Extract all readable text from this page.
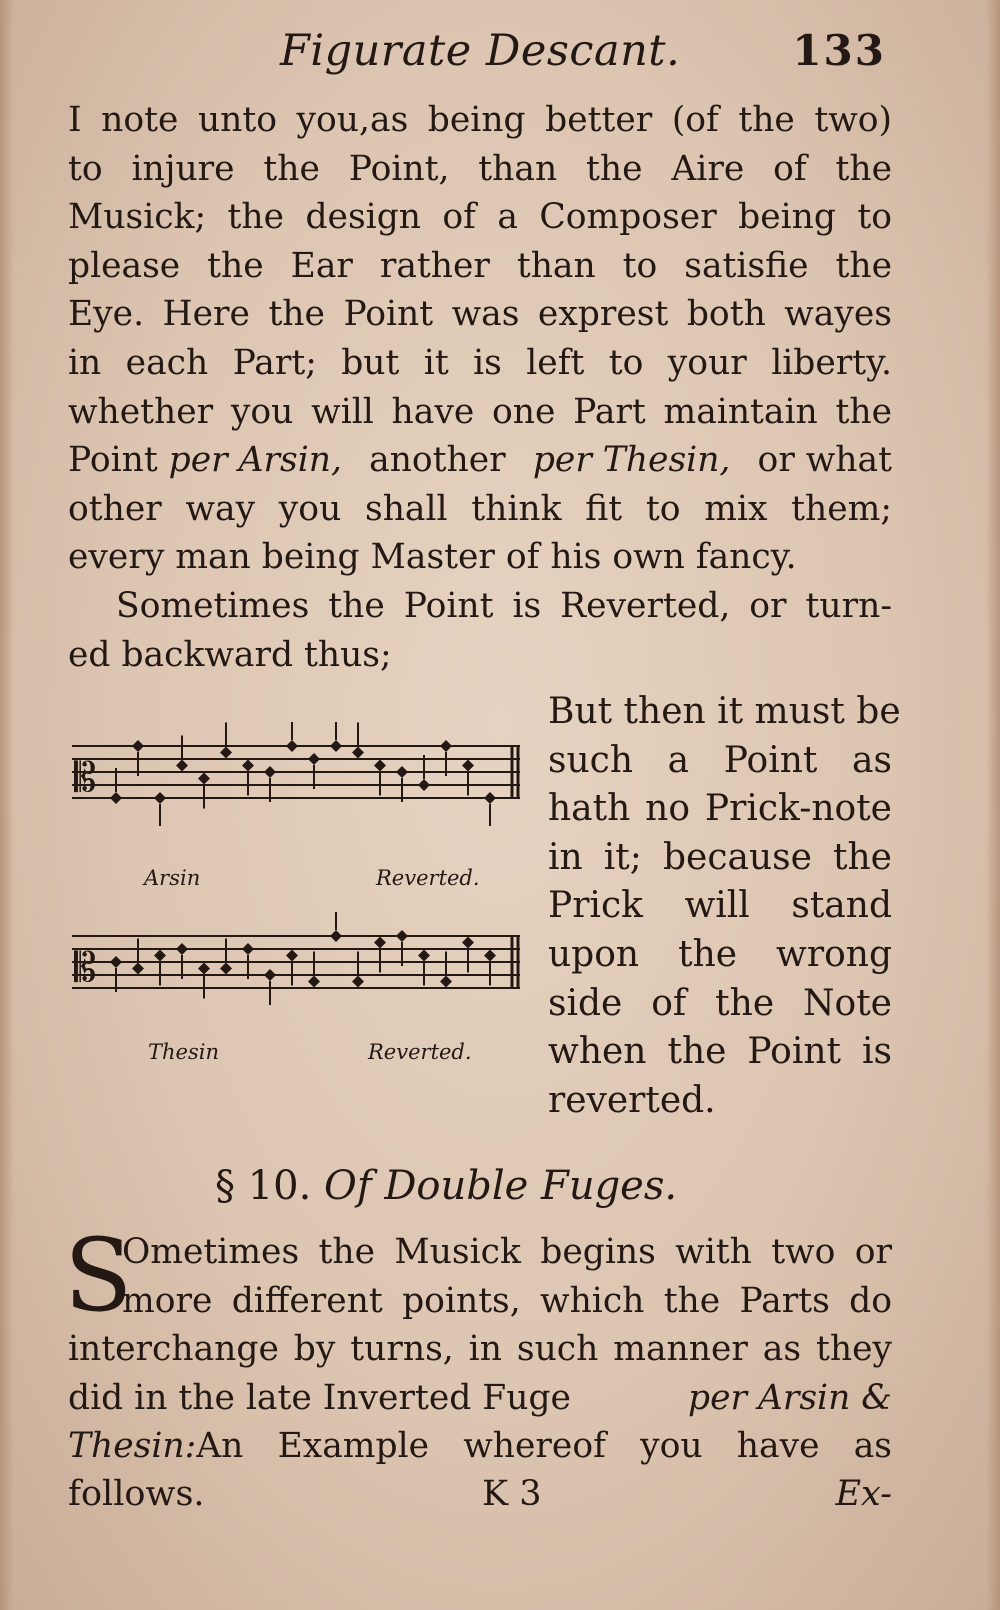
Figurate Descant.	133
I note unto you,as being better (of the two)
to injure the Point, than the Aire of the
Musick; the design of a Composer being to
please the Ear rather than to satisfie the
Eye. Here the Point was exprest both wayes
in each Part; but it is left to your liberty.
whether you will have one Part maintain the
Point per Arsin, another per Thesin, or what
other way you shall think fit to mix them;
every man being Master of his own fancy.
Sometimes the Point is Reverted, or turn-
ed backward thus;
But then it must be
such a Point as
hath no Prick-note
in it; because the
Prick will stand
upon the wrong
side of the Note
when the Point is
reverted.
𝄡
Arsin	Reverted.
𝄡
Thesin	Reverted.
§ 10. Of Double Fuges.
S
Ometimes the Musick begins with two or
more different points, which the Parts do
interchange by turns, in such manner as they
did in the late Inverted Fuge	per Arsin &
Thesin: An Example whereof you have as
follows.	K 3	Ex-
